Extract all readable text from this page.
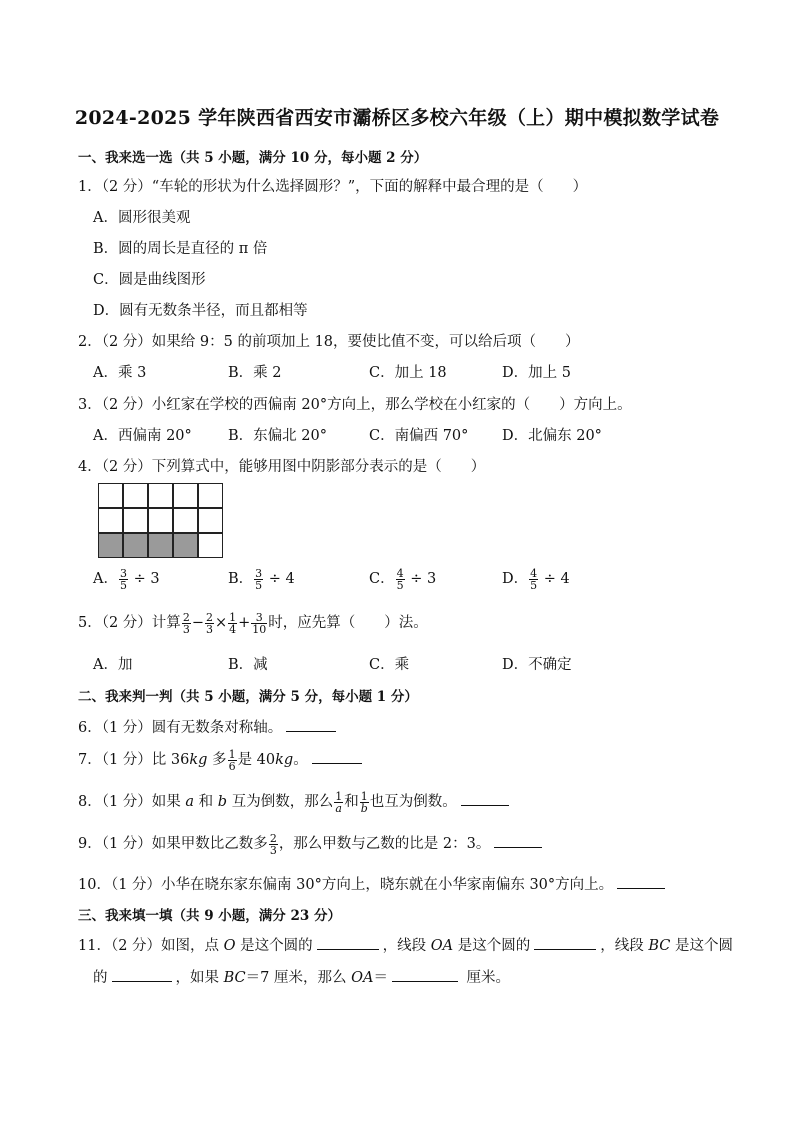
2024-2025 学年陕西省西安市灞桥区多校六年级（上）期中模拟数学试卷
一、我来选一选（共 5 小题，满分 10 分，每小题 2 分）
1．（2 分）“车轮的形状为什么选择圆形？”，下面的解释中最合理的是（　　）
A．圆形很美观
B．圆的周长是直径的 π 倍
C．圆是曲线图形
D．圆有无数条半径，而且都相等
2．（2 分）如果给 9：5 的前项加上 18，要使比值不变，可以给后项（　　）
A．乘 3	B．乘 2	C．加上 18	D．加上 5
3．（2 分）小红家在学校的西偏南 20°方向上，那么学校在小红家的（　　）方向上。
A．西偏南 20° B．东偏北 20°	C．南偏西 70° D．北偏东 20°
4．（2 分）下列算式中，能够用图中阴影部分表示的是（　　）
A． $\frac{3}{5} \div 3$	B． $\frac{3}{5} \div 4$	C． $\frac{4}{5} \div 3$	D． $\frac{4}{5} \div 4$
5．（2 分）计算 $\frac{2}{3} - \frac{2}{3} \times \frac{1}{4} + \frac{3}{10}$ 时，应先算（　　）法。
A．加	B．减	C．乘	D．不确定
二、我来判一判（共 5 小题，满分 5 分，每小题 1 分）
6．（1 分）圆有无数条对称轴。
7．（1 分）比 36kg 多 $\frac{1}{6}$ 是 40kg。
8．（1 分）如果 a 和 b 互为倒数，那么 $\frac{1}{a}$ 和 $\frac{1}{b}$ 也互为倒数。
9．（1 分）如果甲数比乙数多 $\frac{2}{3}$ ，那么甲数与乙数的比是 2：3。
10．（1 分）小华在晓东家东偏南 30°方向上，晓东就在小华家南偏东 30°方向上。
三、我来填一填（共 9 小题，满分 23 分）
11．（2 分）如图，点 O 是这个圆的	，线段 OA 是这个圆的	，线段 BC 是这个圆
的	，如果 BC＝7 厘米，那么 OA＝	厘米。
